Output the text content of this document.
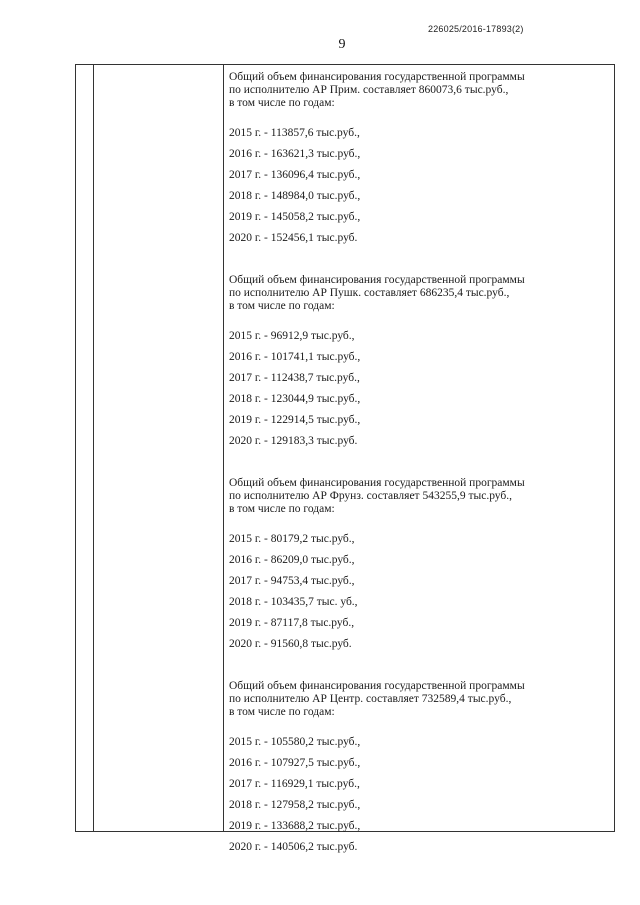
226025/2016-17893(2)
9
Общий объем финансирования государственной программы
по исполнителю АР Прим. составляет 860073,6 тыс.руб.,
в том числе по годам:
2015 г. - 113857,6 тыс.руб.,
2016 г. - 163621,3 тыс.руб.,
2017 г. - 136096,4 тыс.руб.,
2018 г. - 148984,0 тыс.руб.,
2019 г. - 145058,2 тыс.руб.,
2020 г. - 152456,1 тыс.руб.
Общий объем финансирования государственной программы
по исполнителю АР Пушк. составляет 686235,4 тыс.руб.,
в том числе по годам:
2015 г. - 96912,9 тыс.руб.,
2016 г. - 101741,1 тыс.руб.,
2017 г. - 112438,7 тыс.руб.,
2018 г. - 123044,9 тыс.руб.,
2019 г. - 122914,5 тыс.руб.,
2020 г. - 129183,3 тыс.руб.
Общий объем финансирования государственной программы
по исполнителю АР Фрунз. составляет 543255,9 тыс.руб.,
в том числе по годам:
2015 г. - 80179,2 тыс.руб.,
2016 г. - 86209,0 тыс.руб.,
2017 г. - 94753,4 тыс.руб.,
2018 г. - 103435,7 тыс. уб.,
2019 г. - 87117,8 тыс.руб.,
2020 г. - 91560,8 тыс.руб.
Общий объем финансирования государственной программы
по исполнителю АР Центр. составляет 732589,4 тыс.руб.,
в том числе по годам:
2015 г. - 105580,2 тыс.руб.,
2016 г. - 107927,5 тыс.руб.,
2017 г. - 116929,1 тыс.руб.,
2018 г. - 127958,2 тыс.руб.,
2019 г. - 133688,2 тыс.руб.,
2020 г. - 140506,2 тыс.руб.
